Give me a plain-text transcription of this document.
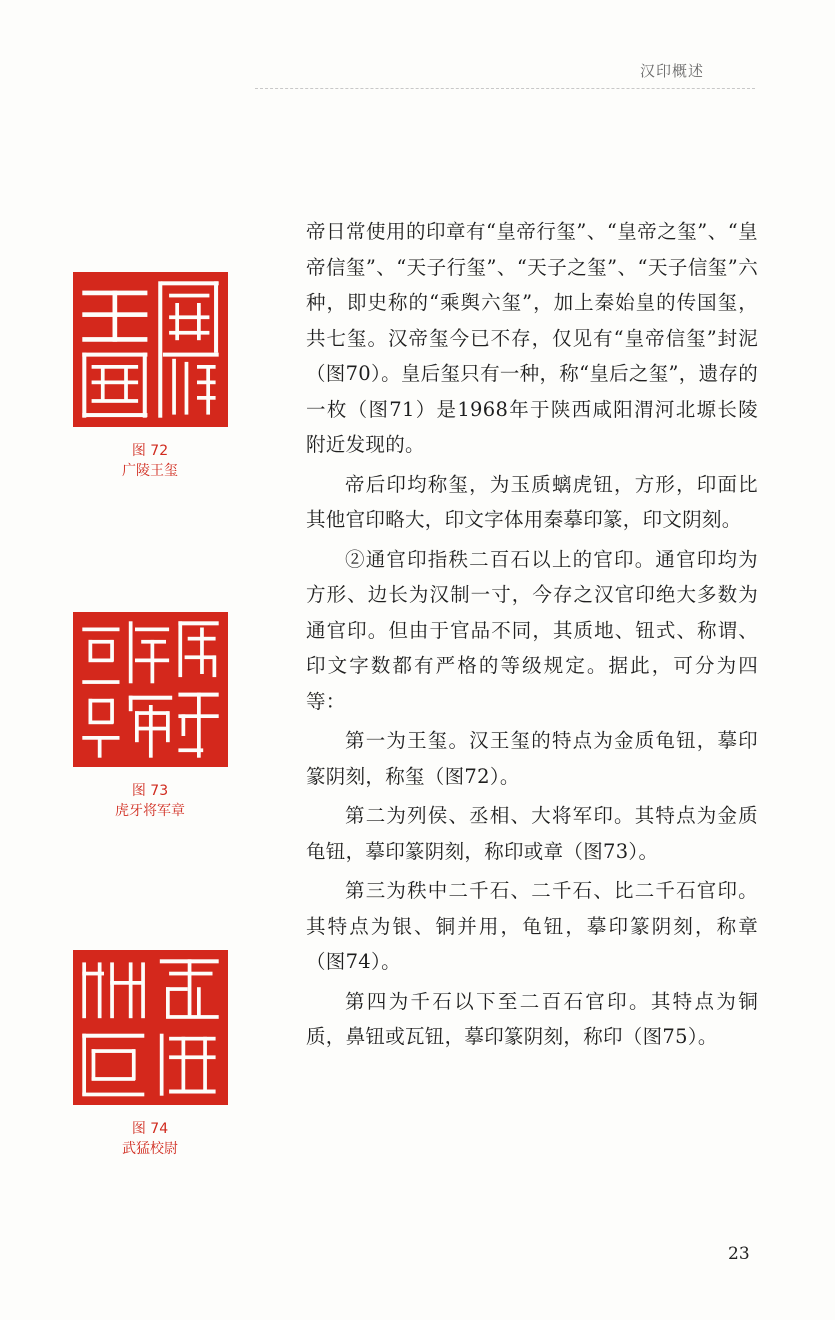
汉印概述
图 72
广陵王玺
图 73
虎牙将军章
图 74
武猛校尉

帝日常使用的印章有“皇帝行玺”、“皇帝之玺”、“皇帝信玺”、“天子行玺”、“天子之玺”、“天子信玺”六种，即史称的“乘舆六玺”，加上秦始皇的传国玺，共七玺。汉帝玺今已不存，仅见有“皇帝信玺”封泥（图70）。皇后玺只有一种，称“皇后之玺”，遗存的一枚（图71）是1968年于陕西咸阳渭河北塬长陵附近发现的。

帝后印均称玺，为玉质螭虎钮，方形，印面比其他官印略大，印文字体用秦摹印篆，印文阴刻。

②通官印指秩二百石以上的官印。通官印均为方形、边长为汉制一寸，今存之汉官印绝大多数为通官印。但由于官品不同，其质地、钮式、称谓、印文字数都有严格的等级规定。据此，可分为四等：

第一为王玺。汉王玺的特点为金质龟钮，摹印篆阴刻，称玺（图72）。

第二为列侯、丞相、大将军印。其特点为金质龟钮，摹印篆阴刻，称印或章（图73）。

第三为秩中二千石、二千石、比二千石官印。其特点为银、铜并用，龟钮，摹印篆阴刻，称章（图74）。

第四为千石以下至二百石官印。其特点为铜质，鼻钮或瓦钮，摹印篆阴刻，称印（图75）。

23
